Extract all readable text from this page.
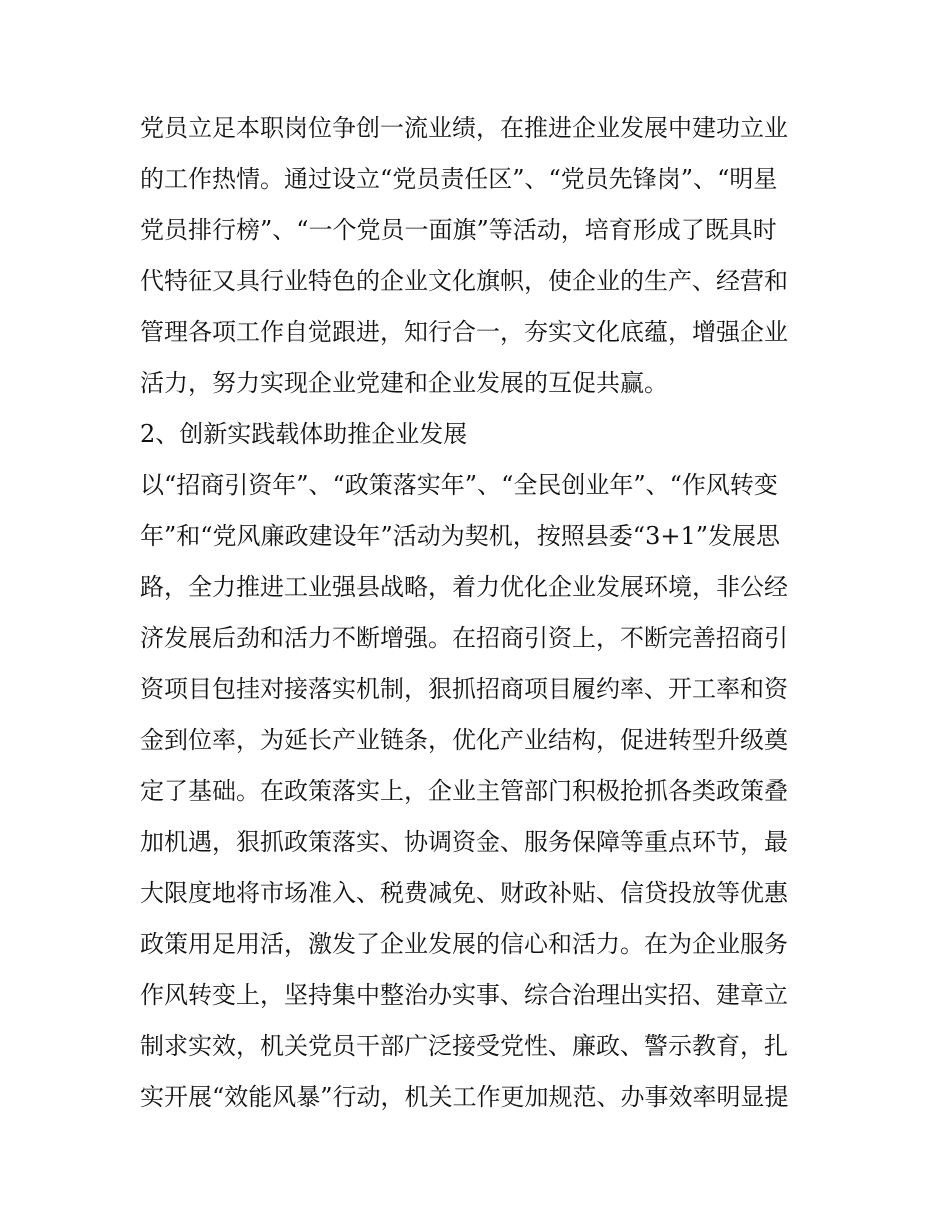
党员立足本职岗位争创一流业绩，在推进企业发展中建功立业
的工作热情。通过设立“党员责任区”、“党员先锋岗”、“明星
党员排行榜”、“一个党员一面旗”等活动，培育形成了既具时
代特征又具行业特色的企业文化旗帜，使企业的生产、经营和
管理各项工作自觉跟进，知行合一，夯实文化底蕴，增强企业
活力，努力实现企业党建和企业发展的互促共赢。
2、创新实践载体助推企业发展
以“招商引资年”、“政策落实年”、“全民创业年”、“作风转变
年”和“党风廉政建设年”活动为契机，按照县委“3+1”发展思
路，全力推进工业强县战略，着力优化企业发展环境，非公经
济发展后劲和活力不断增强。在招商引资上，不断完善招商引
资项目包挂对接落实机制，狠抓招商项目履约率、开工率和资
金到位率，为延长产业链条，优化产业结构，促进转型升级奠
定了基础。在政策落实上，企业主管部门积极抢抓各类政策叠
加机遇，狠抓政策落实、协调资金、服务保障等重点环节，最
大限度地将市场准入、税费减免、财政补贴、信贷投放等优惠
政策用足用活，激发了企业发展的信心和活力。在为企业服务
作风转变上，坚持集中整治办实事、综合治理出实招、建章立
制求实效，机关党员干部广泛接受党性、廉政、警示教育，扎
实开展“效能风暴”行动，机关工作更加规范、办事效率明显提
